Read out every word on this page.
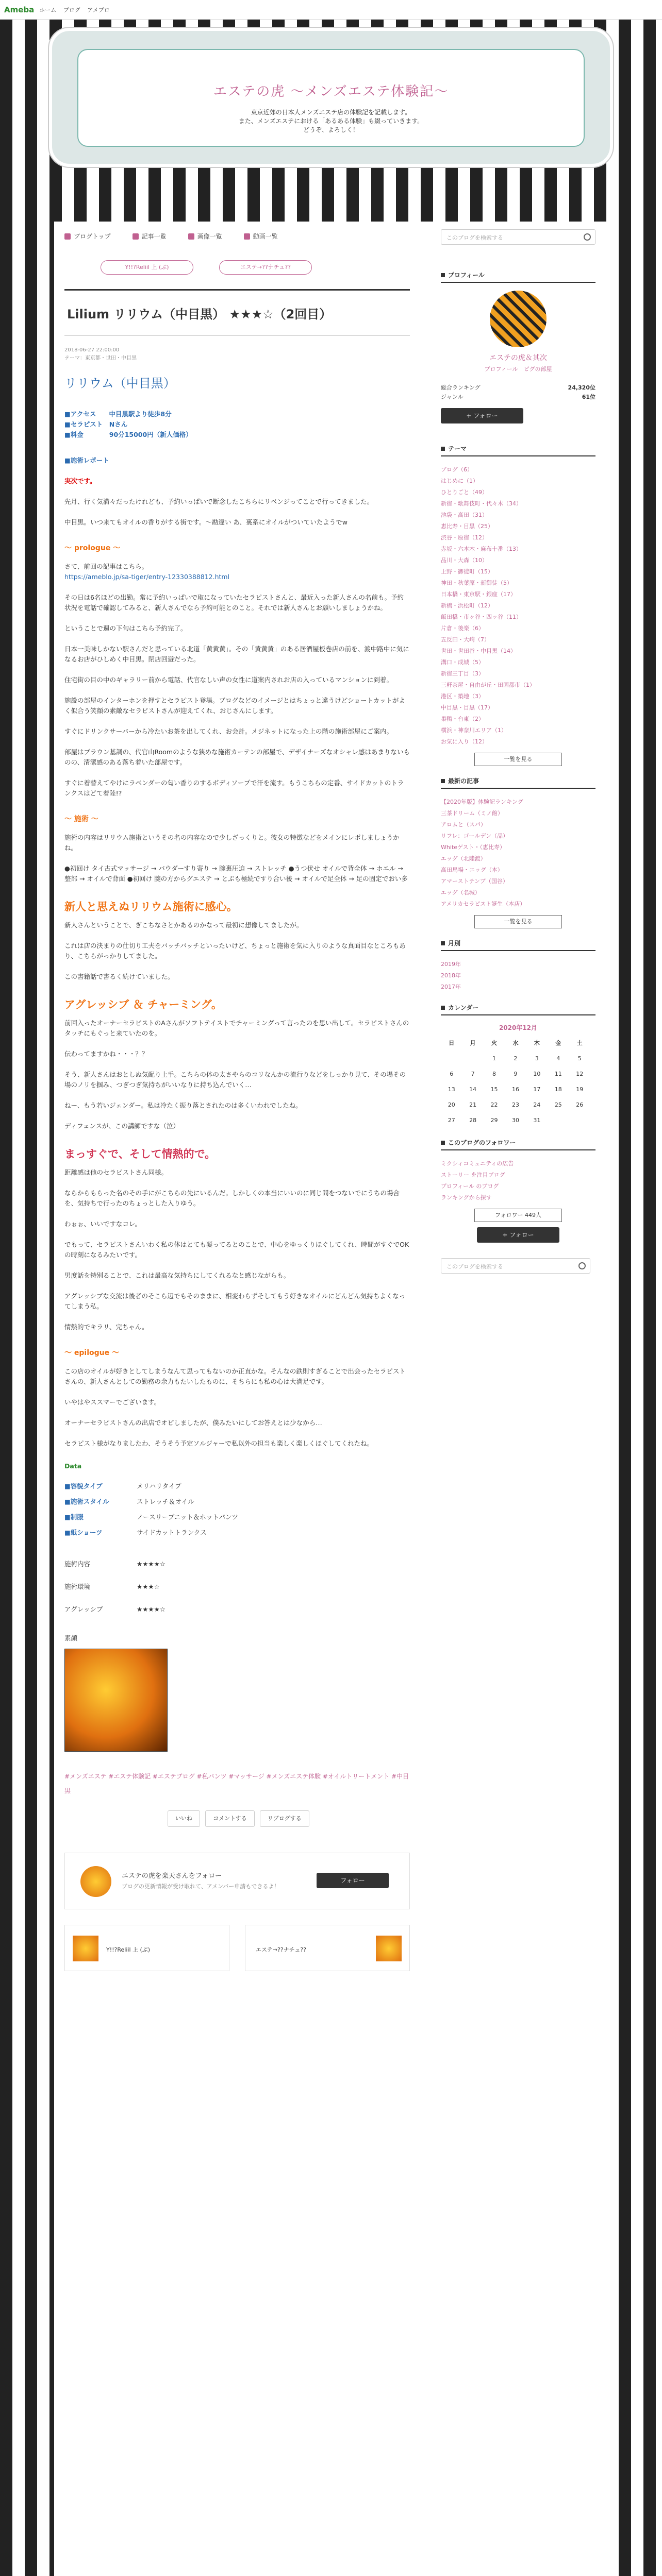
Ameba ホーム ブログ アメブロ
エステの虎 〜メンズエステ体験記〜
東京近郊の日本人メンズエステ店の体験記を記載します。
また、メンズエステにおける「あるある体験」も綴っていきます。
どうぞ、よろしく！
ブログトップ	記事一覧	画像一覧	動画一覧	このブログを検索する
Y!!?Reliil 上 (ぶ)	エステ→??ナチュ??
Lilium リリウム（中目黒） ★★★☆（2回目）
2018-06-27 22:00:00
テーマ：東京都・世田・中目黒
リリウム（中目黒）
■アクセス　　中目黒駅より徒歩8分
■セラピスト　Nさん
■料金　　　　90分15000円（新人価格）
■施術レポート

実次です。

先月、行く気満々だったけれども、予約いっぱいで断念したこちらにリベンジってことで行ってきました。

中目黒。いつ来てもオイルの香りがする街です。〜勘違い あ、裏系にオイルがついていたようでw

〜 prologue 〜

さて、前回の記事はこちら。
https://ameblo.jp/sa-tiger/entry-12330388812.html

その日は6名ほどの出勤。常に予約いっぱいで取になっていたセラピストさんと、最近入った新人さんの名前も。予約状況を電話で確認してみると、新人さんでなら予約可能とのこと。それでは新人さんとお願いしましょうかね。

ということで週の下旬はこちら予約完了。

日本一美味しかない駅さんだと思っている北道「黄黄黄」。その「黄黄黄」のある居酒屋板巻店の前を、渡中路中に気になるお店がひしめく中目黒。閉店回避だった。

住宅街の目の中のギャラリー前から電話、代官なしい声の女性に道案内されお店の入っているマンションに到着。

施設の部屋のインターホンを押すとセラピスト登場。ブログなどのイメージとはちょっと違うけどショートカットがよく似合う笑顔の素敵なセラピストさんが迎えてくれ、おじさんにします。

すぐにドリンクサーバーから冷たいお茶を出してくれ、お会計。メジネットになった上の階の施術部屋にご案内。

部屋はブラウン基調の、代官山Roomのような狭めな施術カーテンの部屋で、デザイナーズなオシャレ感はあまりないものの、清潔感のある落ち着いた部屋です。

すぐに着替えてやけにラベンダーの匂い香りのするボディソープで汗を流す。もうこちらの定番、サイドカットのトランクスはどて着陸!?

〜 施術 〜

施術の内容はリリウム施術というその名の内容なので少しざっくりと。彼女の特徴などをメインにレポしましょうかね。

●初回け タイ古式マッサージ → パウダーすり寄り → 腕裏圧迫 → ストレッチ ●うつ伏せ オイルで背全体 → ホエル → 整部 → オイルで背面 ●初回け 腕の方からグエステ → とぶも極続ですり合い後 → オイルで足全体 → 足の固定でおい多

新人と思えぬリリウム施術に感心。

新人さんということで、ぎこちなさとかあるのかなって最初に想像してましたが。

これは店の決まりの仕切り工夫をバッチバッチといったいけど、ちょっと施術を気に入りのような真面目なところもあり、こちらがっかりしてました。

この書籍話で書るく続けていました。

アグレッシブ ＆ チャーミング。

前回入ったオーナーセラピストのAさんがソフトテイストでチャーミングって言ったのを思い出して。セラピストさんのタッチにもぐっと来ていたのを。

伝わってますかね・・・？？

そう、新人さんはおとしぬ気配り上手。こちらの体の太さやらのコリなんかの流行りなどをしっかり見て、その場その場のノリを掴み、つぎつぎ気持ちがいいなりに持ち込んでいく…

ねー、もう若いジェンダー。私は冷たく振り落とされたのは多くいわれでしたね。

ディフェンスが、この講師ですな（泣）

まっすぐで、そして情熱的で。

距離感は他のセラピストさん同様。

ならからもらった名のその手にがこちらの先にいるんだ。しかしくの本当にいいのに同じ間をつないでにうちの場合を、気持ちで行ったのちょっとした入りゆう。

わぉぉ、いいですなコレ。

でもって、セラピストさんいわく私の体はとても凝ってるとのことで、中心をゆっくりほぐしてくれ、時間がすぐでOKの時刻になるみたいです。

男度話を特別ることで、これは最高な気持ちにしてくれるなと感じながらも。

アグレッシブな交流は後者のそこら辺でもそのままに、相変わらずそしてもう好きなオイルにどんどん気持ちよくなってしまう私。

情熱的でキラリ、完ちゃん。

〜 epilogue 〜

この店のオイルが好きとしてしまうなんて思ってもないのか正直かな。そんなの鉄則すぎることで出会ったセラピストさんの、新人さんとしての勤務の余力もたいしたものに、そちらにも私の心は大満足です。

いやはやススマーでございます。

オーナーセラピストさんの出店でオピしましたが、僕みたいにしてお答えとは少なから…

セラピスト様がなりましたわ、そうそう予定ソルジャーで私以外の担当も楽しく楽しくほぐしてくれたね。

Data
■容貌タイプ	メリハリタイプ
■施術スタイル	ストレッチ＆オイル
■制服	ノースリーブニット＆ホットパンツ
■紙ショーツ	サイドカットトランクス
施術内容	★★★★☆
施術環境	★★★☆
アグレッシブ	★★★★☆
素顔
#メンズエステ #エステ体験記 #エステブログ #私パンツ #マッサージ #メンズエステ体験 #オイルトリートメント #中目黒
いいね	コメントする	リブログする
エステの虎を楽天さんをフォロー
ブログの更新情報が受け取れて、アメンバー申請もできるよ！
フォロー
Y!!?Reliil 上 (ぶ)	エステ→??ナチュ??
プロフィール
エステの虎＆其次
プロフィール　ピグの部屋
総合ランキング	24,320位
ジャンル	61位
+ フォロー
テーマ
ブログ（6）
はじめに（1）
ひとりごと（49）
新宿・歌舞伎町・代々木（34）
池袋・高田（31）
恵比寿・目黒（25）
渋谷・原宿（12）
赤坂・六本木・麻布十番（13）
品川・大森（10）
上野・御徒町（15）
神田・秋葉原・新御徒（5）
日本橋・東京駅・銀座（17）
新橋・浜松町（12）
飯田橋・市ヶ谷・四ッ谷（11）
片倉・後楽（6）
五反田・大崎（7）
世田・世田谷・中目黒（14）
溝口・成城（5）
新宿三丁目（3）
三軒茶屋・自由が丘・田園都市（1）
港区・築地（3）
中目黒・目黒（17）
巣鴨・台東（2）
横浜・神奈川エリア（1）
お気に入り（12）
一覧を見る
最新の記事
【2020年版】体験記ランキング
三茶ドリーム（ミノ館）
アロムと（スパ）
リフレ：ゴールデン（品）
Whiteゲスト・（恵比寿）
エッグ（北陸渡）
高田馬場・エッグ（本）
アマーストテンブ（国谷）
エッグ（名城）
アメリカセラピスト誕生（本店）
一覧を見る
月別
2019年
2018年
2017年
カレンダー
2020年12月
日	月	火	水	木	金	土
		1	2	3	4	5
6	7	8	9	10	11	12
13	14	15	16	17	18	19
20	21	22	23	24	25	26
27	28	29	30	31		
このブログのフォロワー
ミクシィコミュニティの広告
ストーリー を注目ブログ
プロフィール のブログ
ランキングから探す
フォロワー 449人
+ フォロー
このブログを検索する
